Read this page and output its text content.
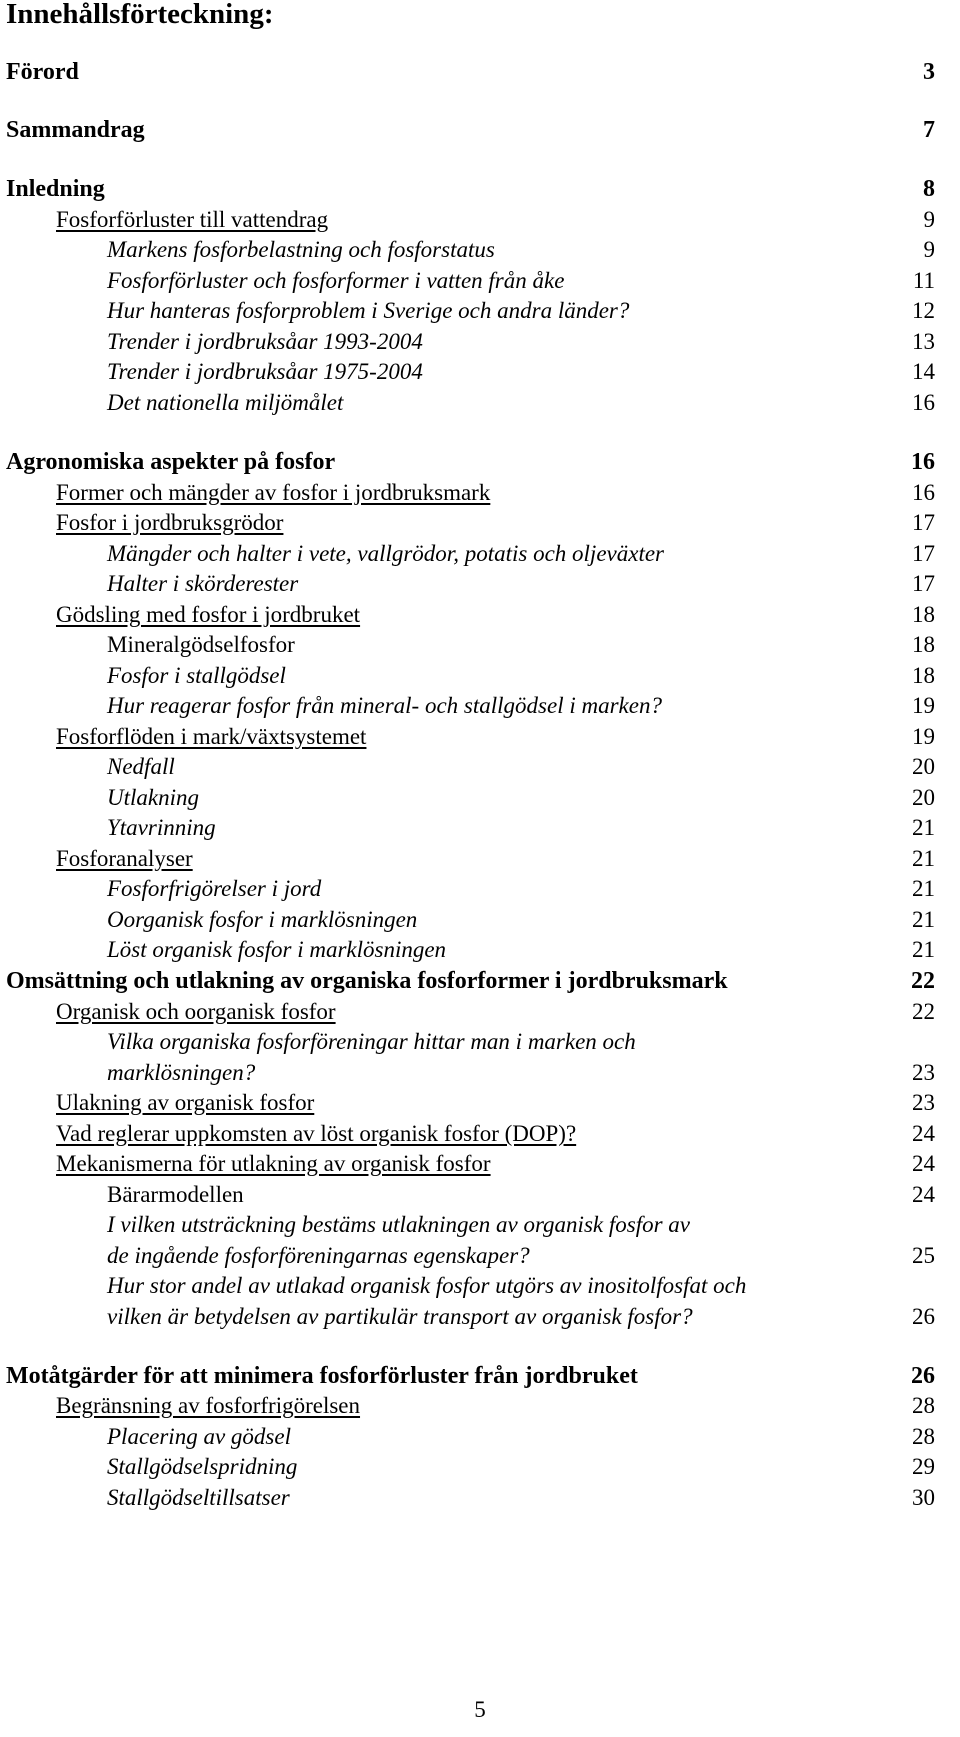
Innehållsförteckning:
Förord	3
Sammandrag	7
Inledning	8
Fosforförluster till vattendrag	9
Markens fosforbelastning och fosforstatus	9
Fosforförluster och fosforformer i vatten från åke	11
Hur hanteras fosforproblem i Sverige och andra länder?	12
Trender i jordbruksåar 1993-2004	13
Trender i jordbruksåar 1975-2004	14
Det nationella miljömålet	16
Agronomiska aspekter på fosfor	16
Former och mängder av fosfor i jordbruksmark	16
Fosfor i jordbruksgrödor	17
Mängder och halter i vete, vallgrödor, potatis och oljeväxter	17
Halter i skörderester	17
Gödsling med fosfor i jordbruket	18
Mineralgödselfosfor	18
Fosfor i stallgödsel	18
Hur reagerar fosfor från mineral- och stallgödsel i marken?	19
Fosforflöden i mark/växtsystemet	19
Nedfall	20
Utlakning	20
Ytavrinning	21
Fosforanalyser	21
Fosforfrigörelser i jord	21
Oorganisk fosfor i marklösningen	21
Löst organisk fosfor i marklösningen	21
Omsättning och utlakning av organiska fosforformer i jordbruksmark	22
Organisk och oorganisk fosfor	22
Vilka organiska fosforföreningar hittar man i marken och
marklösningen?	23
Ulakning av organisk fosfor	23
Vad reglerar uppkomsten av löst organisk fosfor (DOP)?	24
Mekanismerna för utlakning av organisk fosfor	24
Bärarmodellen	24
I vilken utsträckning bestäms utlakningen av organisk fosfor av
de ingående fosforföreningarnas egenskaper?	25
Hur stor andel av utlakad organisk fosfor utgörs av inositolfosfat och
vilken är betydelsen av partikulär transport av organisk fosfor?	26
Motåtgärder för att minimera fosforförluster från jordbruket	26
Begränsning av fosforfrigörelsen	28
Placering av gödsel	28
Stallgödselspridning	29
Stallgödseltillsatser	30
5
